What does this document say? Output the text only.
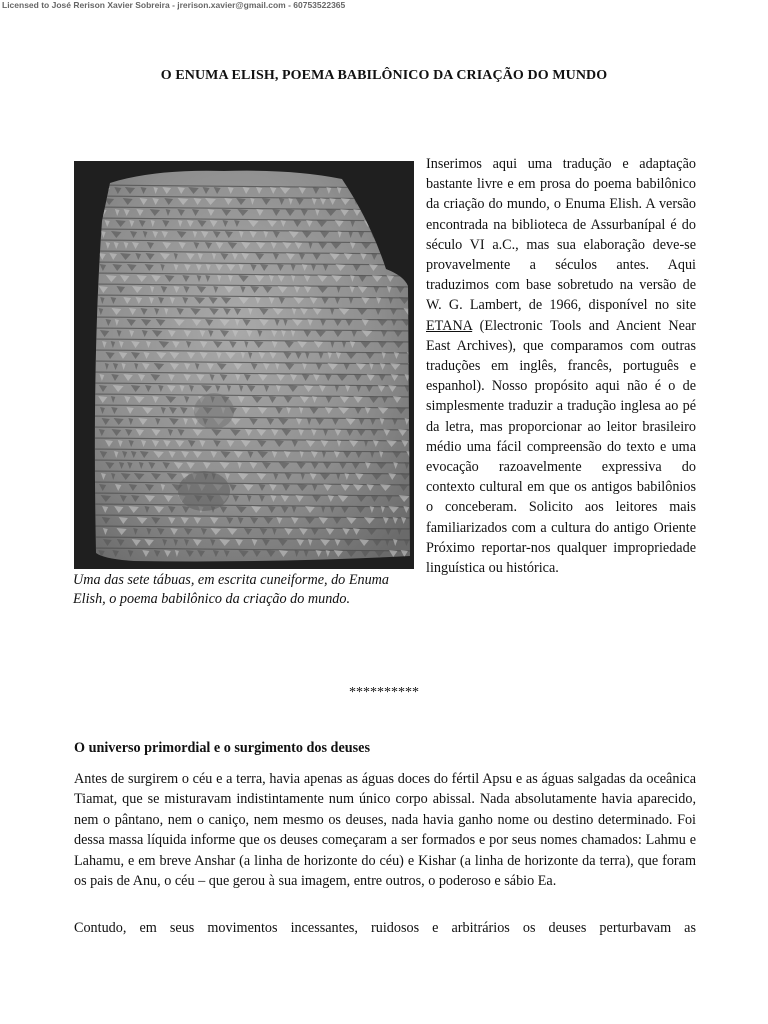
Licensed to José Rerison Xavier Sobreira - jrerison.xavier@gmail.com - 60753522365
O ENUMA ELISH, POEMA BABILÔNICO DA CRIAÇÃO DO MUNDO
Uma das sete tábuas, em escrita cuneiforme, do Enuma Elish, o poema babilônico da criação do mundo.
Inserimos aqui uma tradução e adaptação bastante livre e em prosa do poema babilônico da criação do mundo, o Enuma Elish. A versão encontrada na biblioteca de Assurbanípal é do século VI a.C., mas sua elaboração deve-se provavelmente a séculos antes. Aqui traduzimos com base sobretudo na versão de W. G. Lambert, de 1966, disponível no site ETANA (Electronic Tools and Ancient Near East Archives), que comparamos com outras traduções em inglês, francês, português e espanhol). Nosso propósito aqui não é o de simplesmente traduzir a tradução inglesa ao pé da letra, mas proporcionar ao leitor brasileiro médio uma fácil compreensão do texto e uma evocação razoavelmente expressiva do contexto cultural em que os antigos babilônios o conceberam. Solicito aos leitores mais familiarizados com a cultura do antigo Oriente Próximo reportar-nos qualquer impropriedade linguística ou histórica.
**********
O universo primordial e o surgimento dos deuses
Antes de surgirem o céu e a terra, havia apenas as águas doces do fértil Apsu e as águas salgadas da oceânica Tiamat, que se misturavam indistintamente num único corpo abissal. Nada absolutamente havia aparecido, nem o pântano, nem o caniço, nem mesmo os deuses, nada havia ganho nome ou destino determinado. Foi dessa massa líquida informe que os deuses começaram a ser formados e por seus nomes chamados: Lahmu e Lahamu, e em breve Anshar (a linha de horizonte do céu) e Kishar (a linha de horizonte da terra), que foram os pais de Anu, o céu – que gerou à sua imagem, entre outros, o poderoso e sábio Ea.
Contudo, em seus movimentos incessantes, ruidosos e arbitrários os deuses perturbavam as
